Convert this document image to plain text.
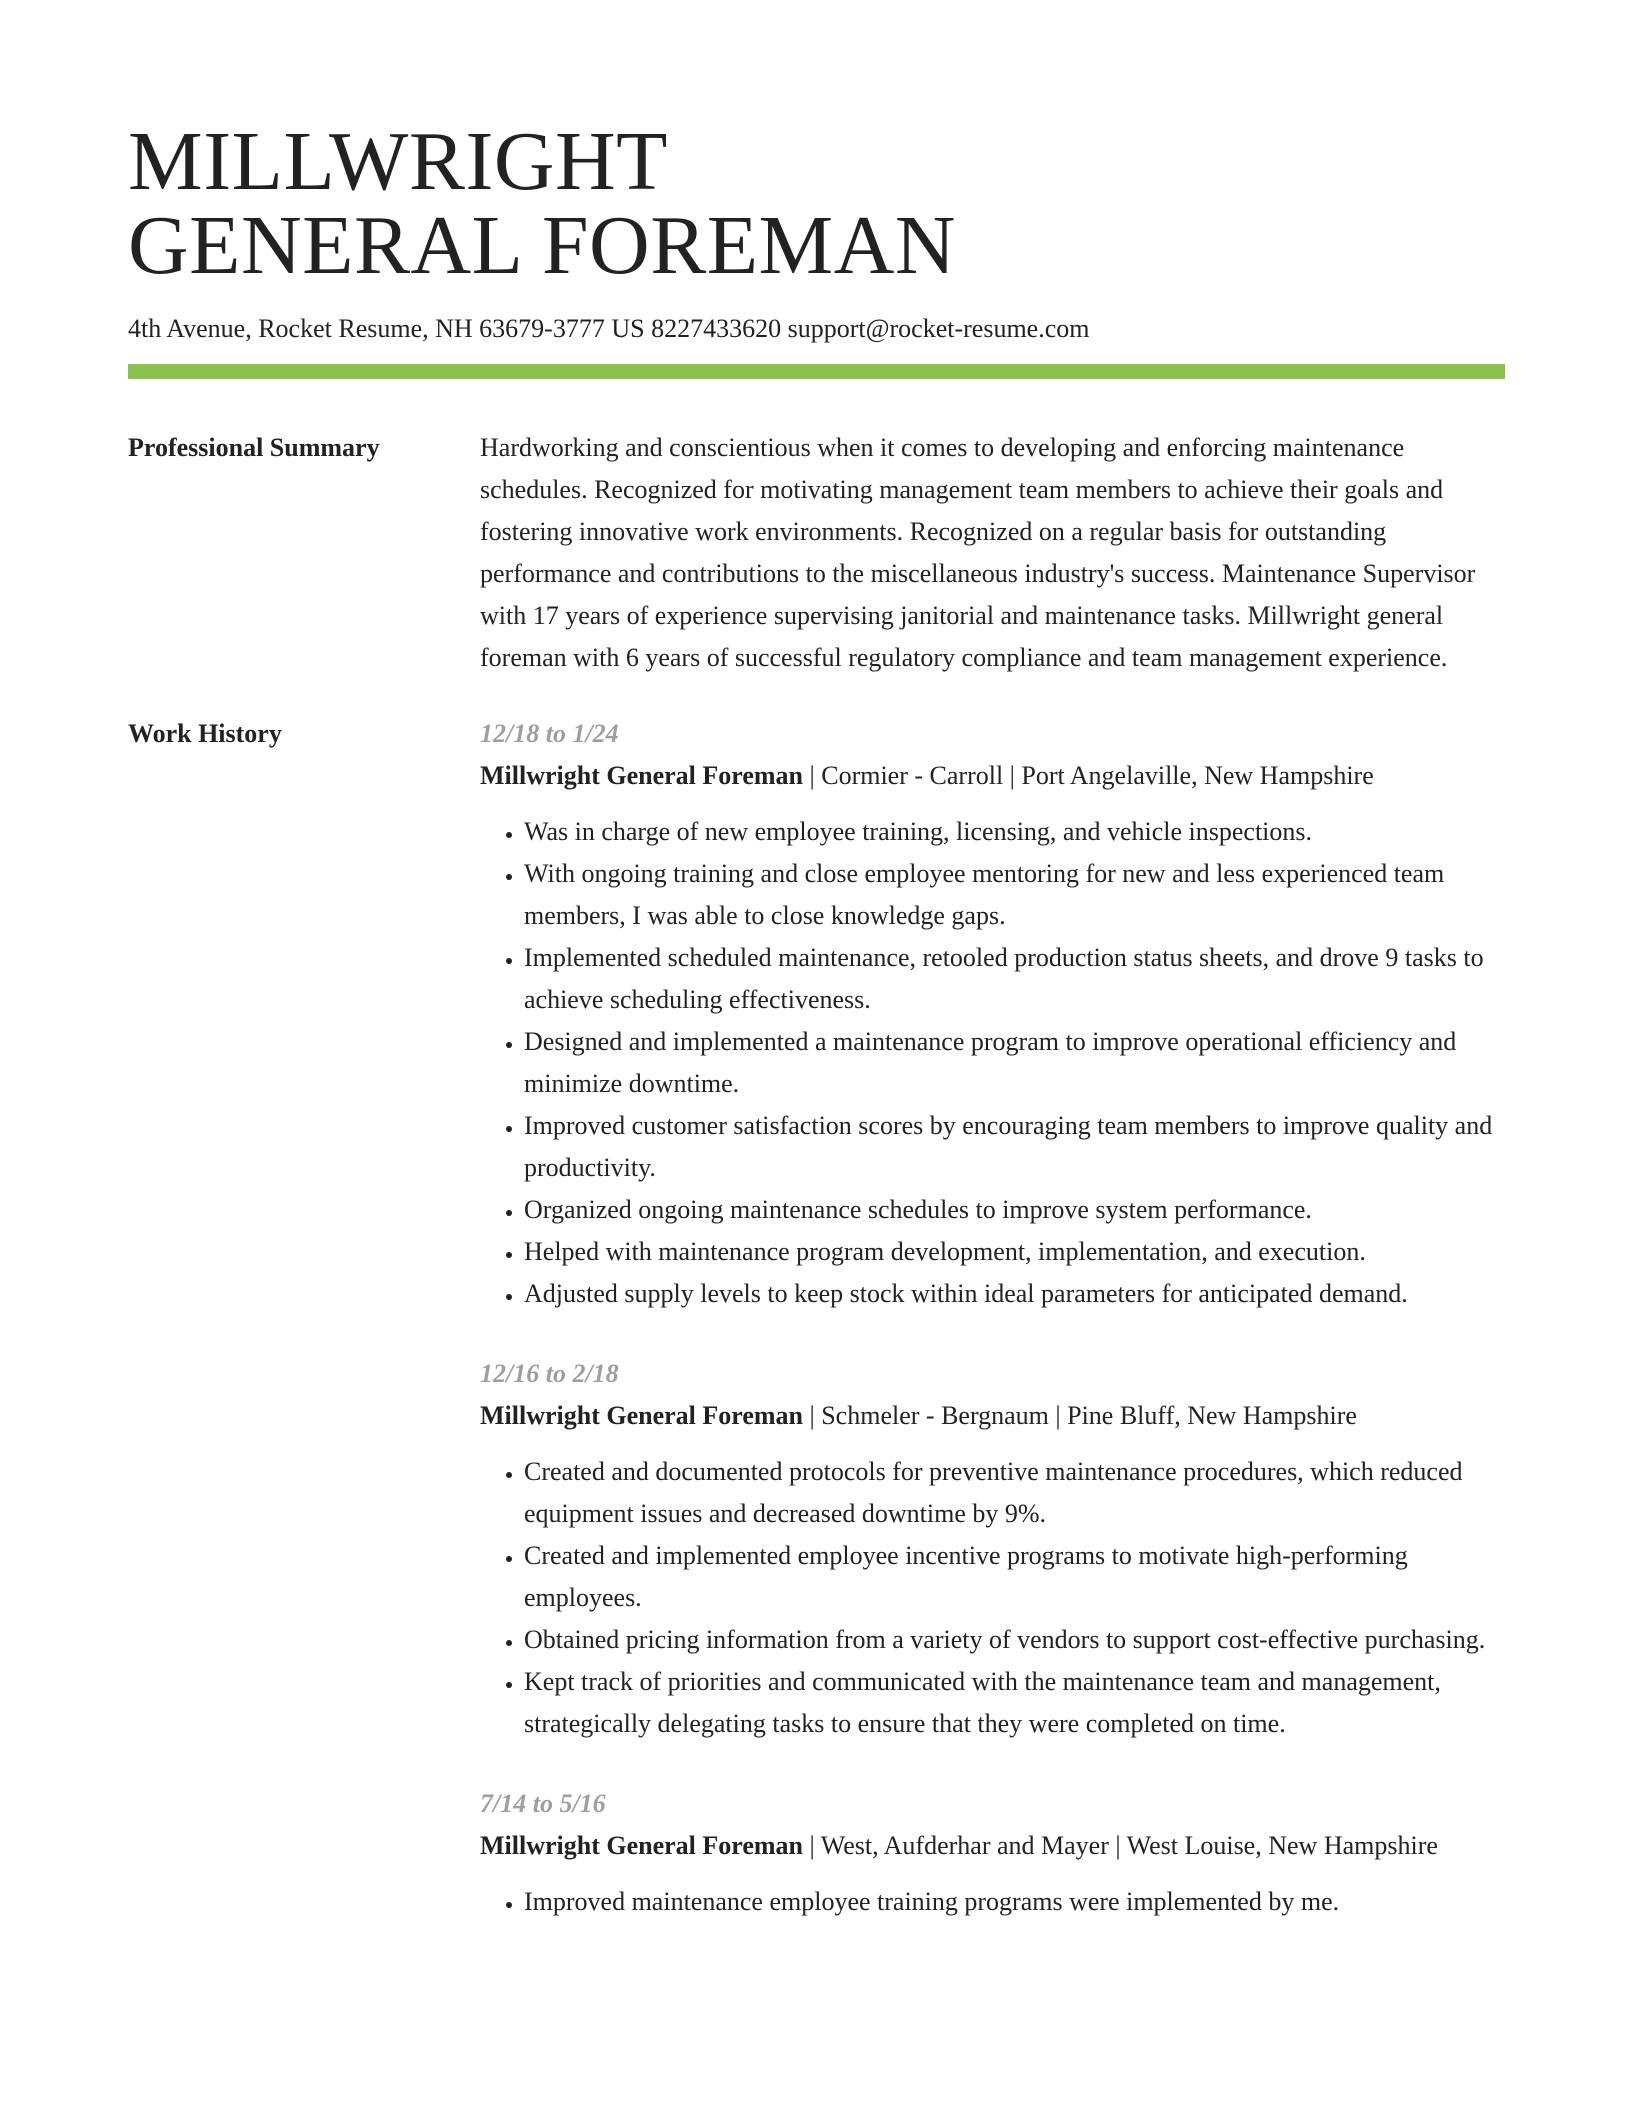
MILLWRIGHT
GENERAL FOREMAN
4th Avenue, Rocket Resume, NH 63679-3777 US 8227433620 support@rocket-resume.com
Professional Summary	Hardworking and conscientious when it comes to developing and enforcing maintenance schedules. Recognized for motivating management team members to achieve their goals and fostering innovative work environments. Recognized on a regular basis for outstanding performance and contributions to the miscellaneous industry's success. Maintenance Supervisor with 17 years of experience supervising janitorial and maintenance tasks. Millwright general foreman with 6 years of successful regulatory compliance and team management experience.

Work History	12/18 to 1/24
Millwright General Foreman | Cormier - Carroll | Port Angelaville, New Hampshire
• Was in charge of new employee training, licensing, and vehicle inspections.
• With ongoing training and close employee mentoring for new and less experienced team members, I was able to close knowledge gaps.
• Implemented scheduled maintenance, retooled production status sheets, and drove 9 tasks to achieve scheduling effectiveness.
• Designed and implemented a maintenance program to improve operational efficiency and minimize downtime.
• Improved customer satisfaction scores by encouraging team members to improve quality and productivity.
• Organized ongoing maintenance schedules to improve system performance.
• Helped with maintenance program development, implementation, and execution.
• Adjusted supply levels to keep stock within ideal parameters for anticipated demand.
12/16 to 2/18
Millwright General Foreman | Schmeler - Bergnaum | Pine Bluff, New Hampshire
• Created and documented protocols for preventive maintenance procedures, which reduced equipment issues and decreased downtime by 9%.
• Created and implemented employee incentive programs to motivate high-performing employees.
• Obtained pricing information from a variety of vendors to support cost-effective purchasing.
• Kept track of priorities and communicated with the maintenance team and management, strategically delegating tasks to ensure that they were completed on time.
7/14 to 5/16
Millwright General Foreman | West, Aufderhar and Mayer | West Louise, New Hampshire
• Improved maintenance employee training programs were implemented by me.
